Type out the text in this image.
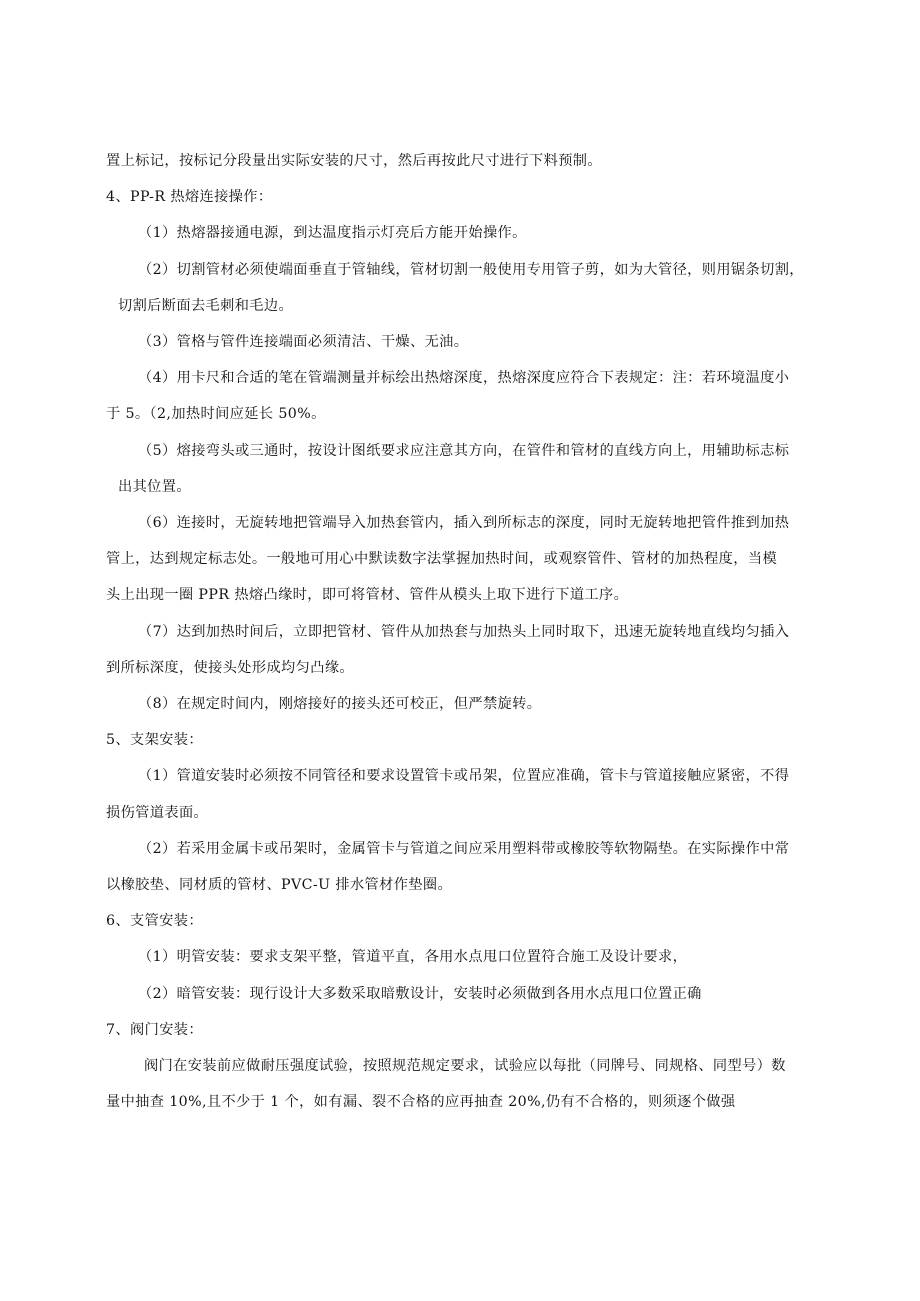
置上标记，按标记分段量出实际安装的尺寸，然后再按此尺寸进行下料预制。
4、PP-R 热熔连接操作：
（1）热熔器接通电源，到达温度指示灯亮后方能开始操作。
（2）切割管材必须使端面垂直于管轴线，管材切割一般使用专用管子剪，如为大管径，则用锯条切割，
切割后断面去毛刺和毛边。
（3）管格与管件连接端面必须清洁、干燥、无油。
（4）用卡尺和合适的笔在管端测量并标绘出热熔深度，热熔深度应符合下表规定：注：若环境温度小
于 5。（2,加热时间应延长 50%。
（5）熔接弯头或三通时，按设计图纸要求应注意其方向，在管件和管材的直线方向上，用辅助标志标
出其位置。
（6）连接时，无旋转地把管端导入加热套管内，插入到所标志的深度，同时无旋转地把管件推到加热
管上，达到规定标志处。一般地可用心中默读数字法掌握加热时间，或观察管件、管材的加热程度，当模
头上出现一圈 PPR 热熔凸缘时，即可将管材、管件从模头上取下进行下道工序。
（7）达到加热时间后，立即把管材、管件从加热套与加热头上同时取下，迅速无旋转地直线均匀插入
到所标深度，使接头处形成均匀凸缘。
（8）在规定时间内，刚熔接好的接头还可校正，但严禁旋转。
5、支架安装：
（1）管道安装时必须按不同管径和要求设置管卡或吊架，位置应准确，管卡与管道接触应紧密，不得
损伤管道表面。
（2）若采用金属卡或吊架时，金属管卡与管道之间应采用塑料带或橡胶等软物隔垫。在实际操作中常
以橡胶垫、同材质的管材、PVC-U 排水管材作垫圈。
6、支管安装：
（1）明管安装：要求支架平整，管道平直，各用水点甩口位置符合施工及设计要求，
（2）暗管安装：现行设计大多数采取暗敷设计，安装时必须做到各用水点甩口位置正确
7、阀门安装：
阀门在安装前应做耐压强度试验，按照规范规定要求，试验应以每批（同牌号、同规格、同型号）数
量中抽查 10%,且不少于 1 个，如有漏、裂不合格的应再抽查 20%,仍有不合格的，则须逐个做强
